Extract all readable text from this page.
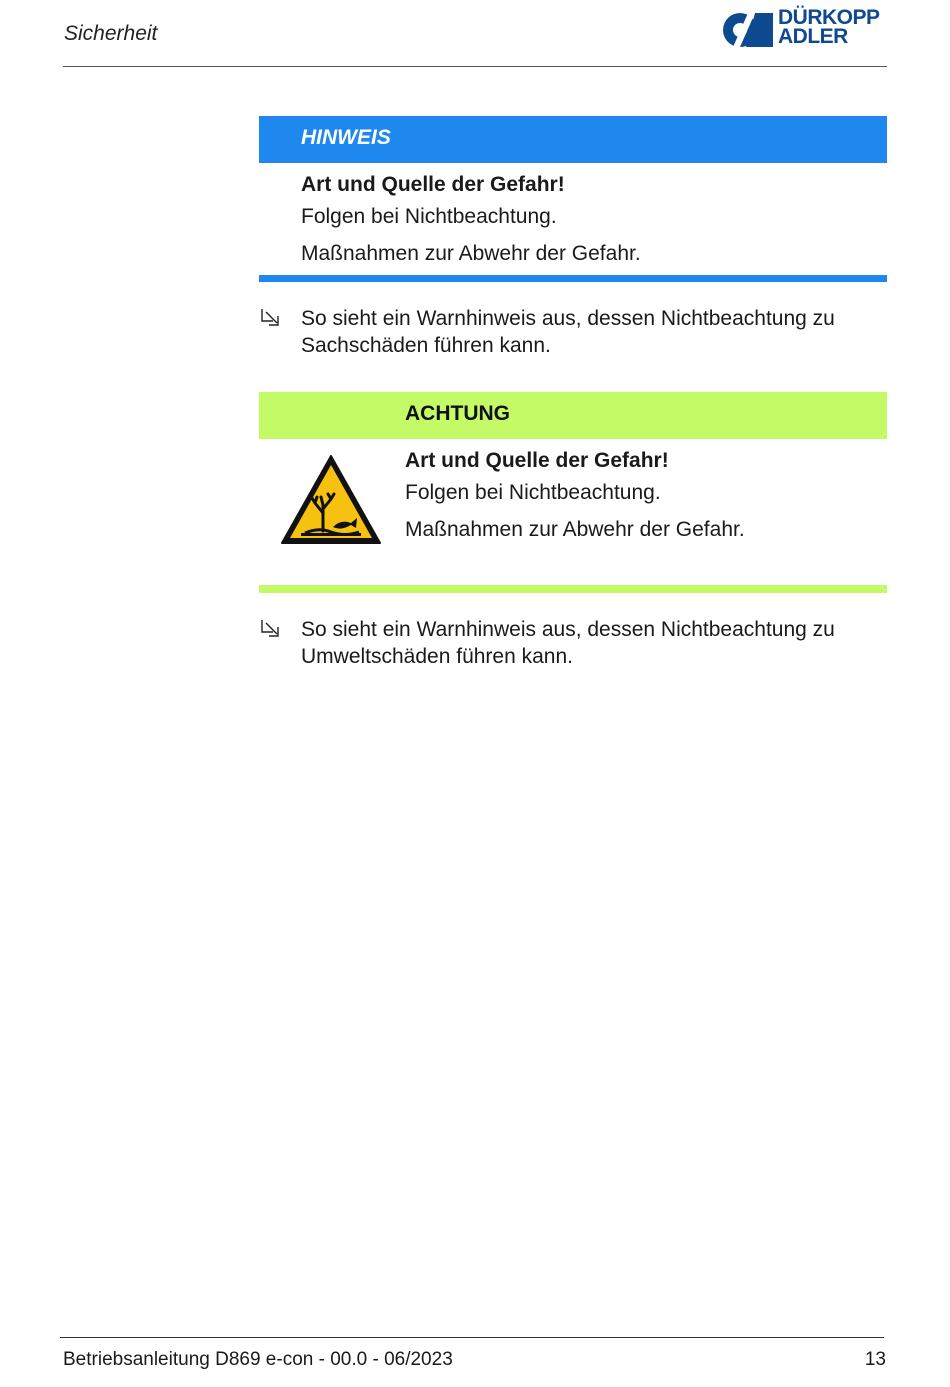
Sicherheit
DÜRKOPP
ADLER
HINWEIS
Art und Quelle der Gefahr!
Folgen bei Nichtbeachtung.
Maßnahmen zur Abwehr der Gefahr.
So sieht ein Warnhinweis aus, dessen Nichtbeachtung zu Sachschäden führen kann.
ACHTUNG
Art und Quelle der Gefahr!
Folgen bei Nichtbeachtung.
Maßnahmen zur Abwehr der Gefahr.
So sieht ein Warnhinweis aus, dessen Nichtbeachtung zu Umweltschäden führen kann.
Betriebsanleitung D869 e-con - 00.0 - 06/2023	13
